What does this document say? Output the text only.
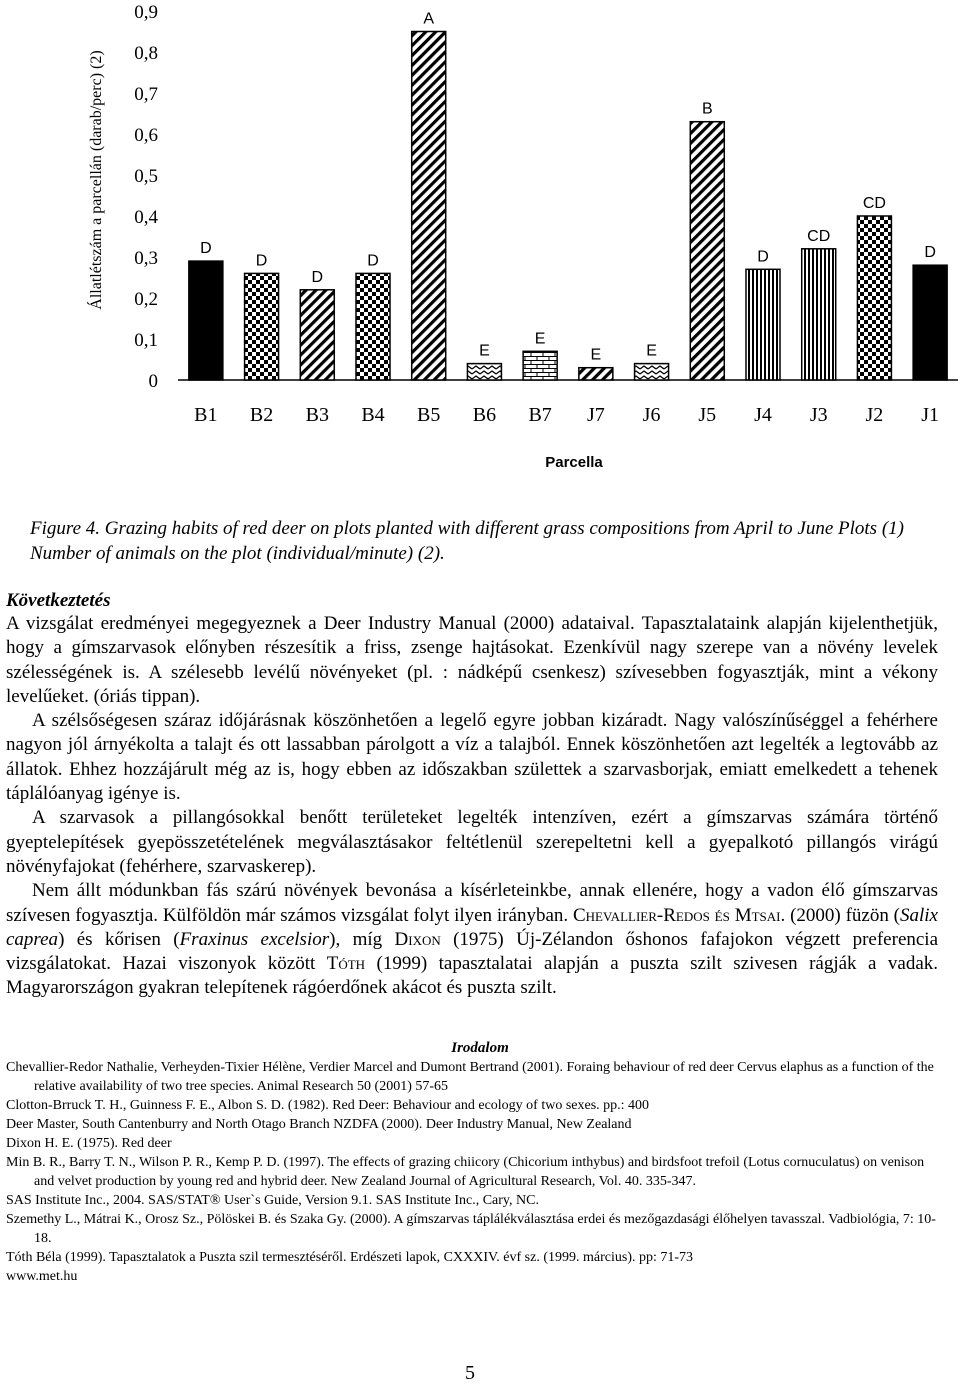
0
0,1
0,2
0,3
0,4
0,5
0,6
0,7
0,8
0,9
Állatlétszám a parcellán (darab/perc) (2)
Parcella
D
B1
D
B2
D
B3
D
B4
A
B5
E
B6
E
B7
E
J7
E
J6
B
J5
D
J4
CD
J3
CD
J2
D
J1
Figure 4. Grazing habits of red deer on plots planted with different grass compositions from April to June Plots (1) Number of animals on the plot (individual/minute) (2).
Következtetés

A vizsgálat eredményei megegyeznek a Deer Industry Manual (2000) adataival. Tapasztalataink alapján kijelenthetjük, hogy a gímszarvasok előnyben részesítik a friss, zsenge hajtásokat. Ezenkívül nagy szerepe van a növény levelek szélességének is. A szélesebb levélű növényeket (pl. : nádképű csenkesz) szívesebben fogyasztják, mint a vékony levelűeket. (óriás tippan).

A szélsőségesen száraz időjárásnak köszönhetően a legelő egyre jobban kizáradt. Nagy valószínűséggel a fehérhere nagyon jól árnyékolta a talajt és ott lassabban párolgott a víz a talajból. Ennek köszönhetően azt legelték a legtovább az állatok. Ehhez hozzájárult még az is, hogy ebben az időszakban születtek a szarvasborjak, emiatt emelkedett a tehenek táplálóanyag igénye is.

A szarvasok a pillangósokkal benőtt területeket legelték intenzíven, ezért a gímszarvas számára történő gyeptelepítések gyepösszetételének megválasztásakor feltétlenül szerepeltetni kell a gyepalkotó pillangós virágú növényfajokat (fehérhere, szarvaskerep).

Nem állt módunkban fás szárú növények bevonása a kísérleteinkbe, annak ellenére, hogy a vadon élő gímszarvas szívesen fogyasztja. Külföldön már számos vizsgálat folyt ilyen irányban. Chevallier-Redos és Mtsai. (2000) füzön (Salix caprea) és kőrisen (Fraxinus excelsior), míg Dixon (1975) Új-Zélandon őshonos fafajokon végzett preferencia vizsgálatokat. Hazai viszonyok között Tóth (1999) tapasztalatai alapján a puszta szilt szivesen rágják a vadak. Magyarországon gyakran telepítenek rágóerdőnek akácot és puszta szilt.

Irodalom
Chevallier-Redor Nathalie, Verheyden-Tixier Hélène, Verdier Marcel and Dumont Bertrand (2001). Foraing behaviour of red deer Cervus elaphus as a function of the relative availability of two tree species. Animal Research 50 (2001) 57-65
Clotton-Brruck T. H., Guinness F. E., Albon S. D. (1982). Red Deer: Behaviour and ecology of two sexes. pp.: 400
Deer Master, South Cantenburry and North Otago Branch NZDFA (2000). Deer Industry Manual, New Zealand
Dixon H. E. (1975). Red deer
Min B. R., Barry T. N., Wilson P. R., Kemp P. D. (1997). The effects of grazing chiicory (Chicorium inthybus) and birdsfoot trefoil (Lotus cornuculatus) on venison and velvet production by young red and hybrid deer. New Zealand Journal of Agricultural Research, Vol. 40. 335-347.
SAS Institute Inc., 2004. SAS/STAT® User`s Guide, Version 9.1. SAS Institute Inc., Cary, NC.
Szemethy L., Mátrai K., Orosz Sz., Pölöskei B. és Szaka Gy. (2000). A gímszarvas táplálékválasztása erdei és mezőgazdasági élőhelyen tavasszal. Vadbiológia, 7: 10-18.
Tóth Béla (1999). Tapasztalatok a Puszta szil termesztéséről. Erdészeti lapok, CXXXIV. évf sz. (1999. március). pp: 71-73
www.met.hu
5
